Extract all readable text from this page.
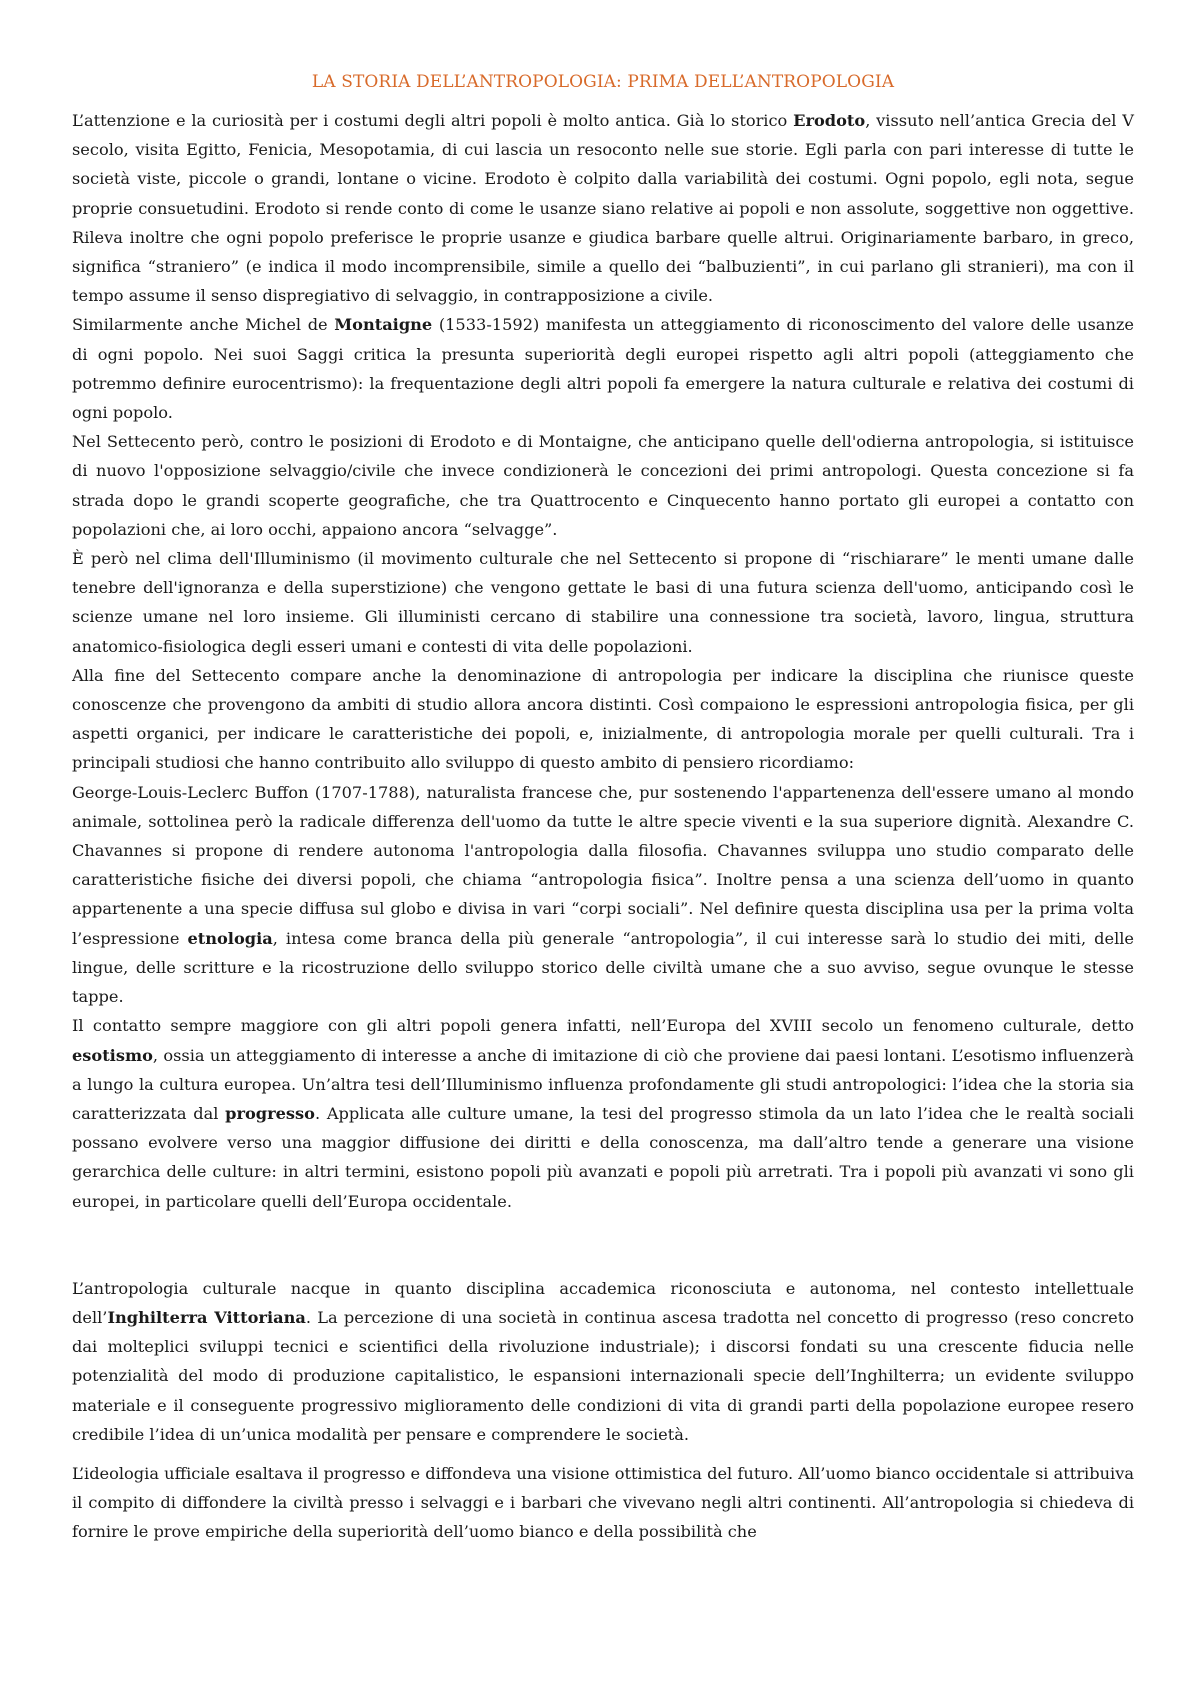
LA STORIA DELL’ANTROPOLOGIA: PRIMA DELL’ANTROPOLOGIA

L’attenzione e la curiosità per i costumi degli altri popoli è molto antica. Già lo storico Erodoto, vissuto nell’antica Grecia del V secolo, visita Egitto, Fenicia, Mesopotamia, di cui lascia un resoconto nelle sue storie. Egli parla con pari interesse di tutte le società viste, piccole o grandi, lontane o vicine. Erodoto è colpito dalla variabilità dei costumi. Ogni popolo, egli nota, segue proprie consuetudini. Erodoto si rende conto di come le usanze siano relative ai popoli e non assolute, soggettive non oggettive. Rileva inoltre che ogni popolo preferisce le proprie usanze e giudica barbare quelle altrui. Originariamente barbaro, in greco, significa “straniero” (e indica il modo incomprensibile, simile a quello dei “balbuzienti”, in cui parlano gli stranieri), ma con il tempo assume il senso dispregiativo di selvaggio, in contrapposizione a civile.

Similarmente anche Michel de Montaigne (1533-1592) manifesta un atteggiamento di riconoscimento del valore delle usanze di ogni popolo. Nei suoi Saggi critica la presunta superiorità degli europei rispetto agli altri popoli (atteggiamento che potremmo definire eurocentrismo): la frequentazione degli altri popoli fa emergere la natura culturale e relativa dei costumi di ogni popolo.

Nel Settecento però, contro le posizioni di Erodoto e di Montaigne, che anticipano quelle dell'odierna antropologia, si istituisce di nuovo l'opposizione selvaggio/civile che invece condizionerà le concezioni dei primi antropologi. Questa concezione si fa strada dopo le grandi scoperte geografiche, che tra Quattrocento e Cinquecento hanno portato gli europei a contatto con popolazioni che, ai loro occhi, appaiono ancora “selvagge”.

È però nel clima dell'Illuminismo (il movimento culturale che nel Settecento si propone di “rischiarare” le menti umane dalle tenebre dell'ignoranza e della superstizione) che vengono gettate le basi di una futura scienza dell'uomo, anticipando così le scienze umane nel loro insieme. Gli illuministi cercano di stabilire una connessione tra società, lavoro, lingua, struttura anatomico-fisiologica degli esseri umani e contesti di vita delle popolazioni.

Alla fine del Settecento compare anche la denominazione di antropologia per indicare la disciplina che riunisce queste conoscenze che provengono da ambiti di studio allora ancora distinti. Così compaiono le espressioni antropologia fisica, per gli aspetti organici, per indicare le caratteristiche dei popoli, e, inizialmente, di antropologia morale per quelli culturali. Tra i principali studiosi che hanno contribuito allo sviluppo di questo ambito di pensiero ricordiamo:

George-Louis-Leclerc Buffon (1707-1788), naturalista francese che, pur sostenendo l'appartenenza dell'essere umano al mondo animale, sottolinea però la radicale differenza dell'uomo da tutte le altre specie viventi e la sua superiore dignità. Alexandre C. Chavannes si propone di rendere autonoma l'antropologia dalla filosofia. Chavannes sviluppa uno studio comparato delle caratteristiche fisiche dei diversi popoli, che chiama “antropologia fisica”. Inoltre pensa a una scienza dell’uomo in quanto appartenente a una specie diffusa sul globo e divisa in vari “corpi sociali”. Nel definire questa disciplina usa per la prima volta l’espressione etnologia, intesa come branca della più generale “antropologia”, il cui interesse sarà lo studio dei miti, delle lingue, delle scritture e la ricostruzione dello sviluppo storico delle civiltà umane che a suo avviso, segue ovunque le stesse tappe.

Il contatto sempre maggiore con gli altri popoli genera infatti, nell’Europa del XVIII secolo un fenomeno culturale, detto esotismo, ossia un atteggiamento di interesse a anche di imitazione di ciò che proviene dai paesi lontani. L’esotismo influenzerà a lungo la cultura europea. Un’altra tesi dell’Illuminismo influenza profondamente gli studi antropologici: l’idea che la storia sia caratterizzata dal progresso. Applicata alle culture umane, la tesi del progresso stimola da un lato l’idea che le realtà sociali possano evolvere verso una maggior diffusione dei diritti e della conoscenza, ma dall’altro tende a generare una visione gerarchica delle culture: in altri termini, esistono popoli più avanzati e popoli più arretrati. Tra i popoli più avanzati vi sono gli europei, in particolare quelli dell’Europa occidentale.

L’antropologia culturale nacque in quanto disciplina accademica riconosciuta e autonoma, nel contesto intellettuale dell’Inghilterra Vittoriana. La percezione di una società in continua ascesa tradotta nel concetto di progresso (reso concreto dai molteplici sviluppi tecnici e scientifici della rivoluzione industriale); i discorsi fondati su una crescente fiducia nelle potenzialità del modo di produzione capitalistico, le espansioni internazionali specie dell’Inghilterra; un evidente sviluppo materiale e il conseguente progressivo miglioramento delle condizioni di vita di grandi parti della popolazione europee resero credibile l’idea di un’unica modalità per pensare e comprendere le società.

L’ideologia ufficiale esaltava il progresso e diffondeva una visione ottimistica del futuro. All’uomo bianco occidentale si attribuiva il compito di diffondere la civiltà presso i selvaggi e i barbari che vivevano negli altri continenti. All’antropologia si chiedeva di fornire le prove empiriche della superiorità dell’uomo bianco e della possibilità che
